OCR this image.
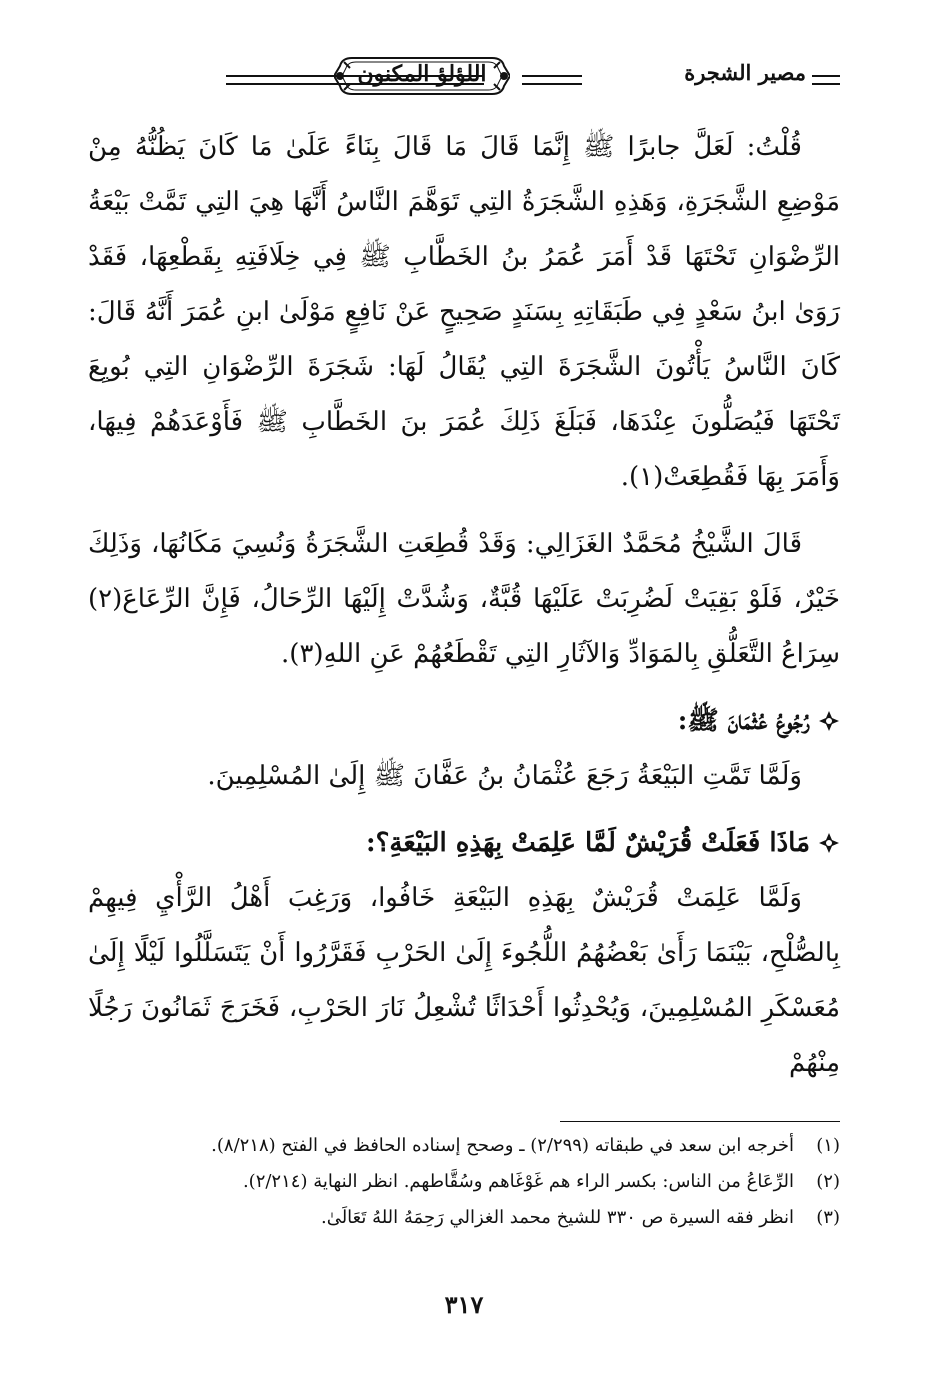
مصير الشجرة
اللؤلؤ المكنون

قُلْتُ: لَعَلَّ جابرًا ﷺ إِنَّمَا قَالَ مَا قَالَ بِنَاءً عَلَىٰ مَا كَانَ يَظُنُّهُ مِنْ مَوْضِعِ الشَّجَرَةِ، وَهَذِهِ الشَّجَرَةُ التِي تَوَهَّمَ النَّاسُ أَنَّهَا هِيَ التِي تَمَّتْ بَيْعَةُ الرِّضْوَانِ تَحْتَهَا قَدْ أَمَرَ عُمَرُ بنُ الخَطَّابِ ﷺ فِي خِلَافَتِهِ بِقَطْعِهَا، فَقَدْ رَوَىٰ ابنُ سَعْدٍ فِي طَبَقَاتِهِ بِسَنَدٍ صَحِيحٍ عَنْ نَافِعٍ مَوْلَىٰ ابنِ عُمَرَ أَنَّهُ قَالَ: كَانَ النَّاسُ يَأْتُونَ الشَّجَرَةَ التِي يُقَالُ لَهَا: شَجَرَةَ الرِّضْوَانِ التِي بُويِعَ تَحْتَهَا فَيُصَلُّونَ عِنْدَهَا، فَبَلَغَ ذَلِكَ عُمَرَ بنَ الخَطَّابِ ﷺ فَأَوْعَدَهُمْ فِيهَا، وَأَمَرَ بِهَا فَقُطِعَتْ(١).

قَالَ الشَّيْخُ مُحَمَّدٌ الغَزَالِي: وَقَدْ قُطِعَتِ الشَّجَرَةُ وَنُسِيَ مَكَانُهَا، وَذَلِكَ خَيْرٌ، فَلَوْ بَقِيَتْ لَضُرِبَتْ عَلَيْهَا قُبَّةٌ، وَشُدَّتْ إِلَيْهَا الرِّحَالُ، فَإِنَّ الرِّعَاعَ(٢) سِرَاعُ التَّعَلُّقِ بِالمَوَادِّ وَالآثَارِ التِي تَقْطَعُهُمْ عَنِ اللهِ(٣).

رُجُوعُ عُثْمَانَ ﷺ:

وَلَمَّا تَمَّتِ البَيْعَةُ رَجَعَ عُثْمَانُ بنُ عَفَّانَ ﷺ إِلَىٰ المُسْلِمِينَ.

مَاذَا فَعَلَتْ قُرَيْشٌ لَمَّا عَلِمَتْ بِهَذِهِ البَيْعَةِ؟:

وَلَمَّا عَلِمَتْ قُرَيْشٌ بِهَذِهِ البَيْعَةِ خَافُوا، وَرَغِبَ أَهْلُ الرَّأْيِ فِيهِمْ بِالصُّلْحِ، بَيْنَمَا رَأَىٰ بَعْضُهُمُ اللُّجُوءَ إِلَىٰ الحَرْبِ فَقَرَّرُوا أَنْ يَتَسَلَّلُوا لَيْلًا إِلَىٰ مُعَسْكَرِ المُسْلِمِينَ، وَيُحْدِثُوا أَحْدَاثًا تُشْعِلُ نَارَ الحَرْبِ، فَخَرَجَ ثَمَانُونَ رَجُلًا مِنْهُمْ

(١)أخرجه ابن سعد في طبقاته (٢/٢٩٩) ـ وصحح إسناده الحافظ في الفتح (٨/٢١٨).
(٢)الرِّعَاعُ من الناس: بكسر الراء هم غَوْغَاهم وسُقَّاطهم. انظر النهاية (٢/٢١٤).
(٣)انظر فقه السيرة ص ٣٣٠ للشيخ محمد الغزالي رَحِمَهُ اللهُ تَعَالَىٰ.
٣١٧
